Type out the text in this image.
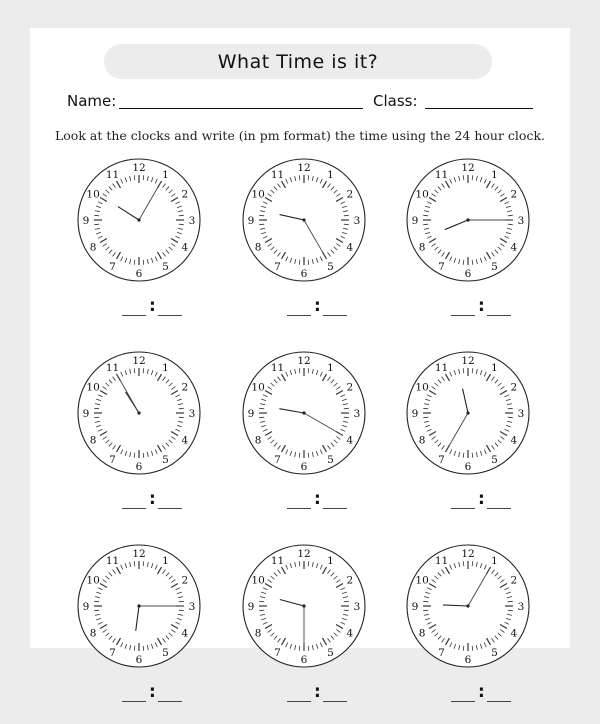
What Time is it?
Name:	Class:
Look at the clocks and write (in pm format) the time using the 24 hour clock.
12
1
2
3
4
5
6
7
8
9
10
11
:
12
1
2
3
4
5
6
7
8
9
10
11
:
12
1
2
3
4
5
6
7
8
9
10
11
:
12
1
2
3
4
5
6
7
8
9
10
11
:
12
1
2
3
4
5
6
7
8
9
10
11
:
12
1
2
3
4
5
6
7
8
9
10
11
:
12
1
2
3
4
5
6
7
8
9
10
11
:
12
1
2
3
4
5
6
7
8
9
10
11
:
12
1
2
3
4
5
6
7
8
9
10
11
:
